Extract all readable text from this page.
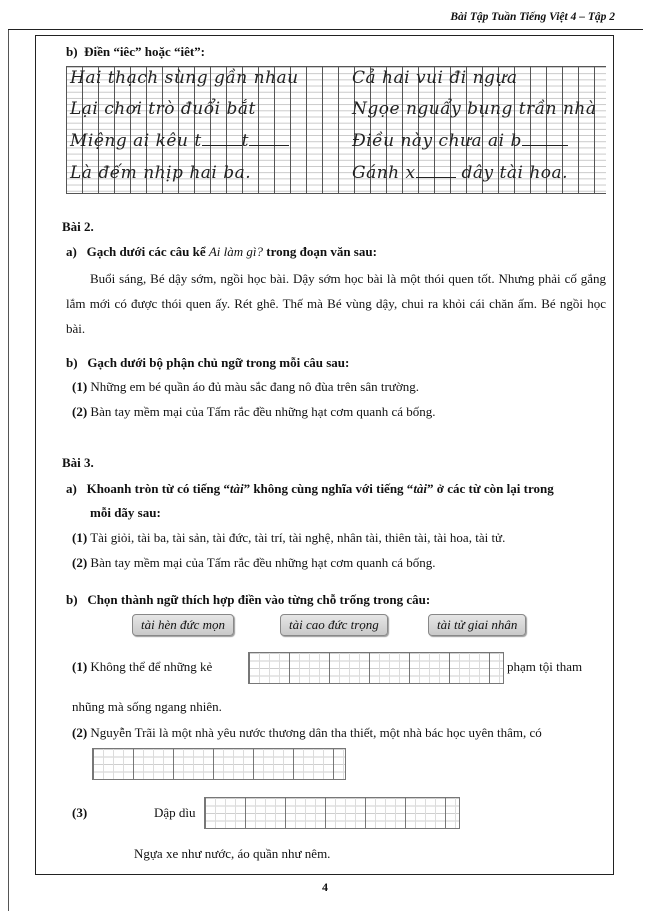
Bài Tập Tuần Tiếng Việt 4 – Tập 2
b) Điền “iêc” hoặc “iêt”:
Hai thạch sùng gần nhau
Lại chơi trò đuổi bắt
Miệng ai kêu t t
Là đếm nhịp hai ba.
Cả hai vui đi ngựa
Ngọe nguẩy bụng trần nhà
Điều này chưa ai b
Gánh x	dây tài hoa.
Bài 2.
a) Gạch dưới các câu kể Ai làm gì? trong đoạn văn sau:

Buổi sáng, Bé dậy sớm, ngồi học bài. Dậy sớm học bài là một thói quen tốt. Nhưng phải cố gắng lắm mới có được thói quen ấy. Rét ghê. Thế mà Bé vùng dậy, chui ra khỏi cái chăn ấm. Bé ngồi học bài.

b) Gạch dưới bộ phận chủ ngữ trong mỗi câu sau:
(1) Những em bé quần áo đủ màu sắc đang nô đùa trên sân trường.
(2) Bàn tay mềm mại của Tấm rắc đều những hạt cơm quanh cá bống.
Bài 3.
a) Khoanh tròn từ có tiếng “tài” không cùng nghĩa với tiếng “tài” ở các từ còn lại trong
mỗi dãy sau:
(1) Tài giỏi, tài ba, tài sản, tài đức, tài trí, tài nghệ, nhân tài, thiên tài, tài hoa, tài tử.
(2) Bàn tay mềm mại của Tấm rắc đều những hạt cơm quanh cá bống.
b) Chọn thành ngữ thích hợp điền vào từng chỗ trống trong câu:
tài hèn đức mọn	tài cao đức trọng	tài tử giai nhân
(1) Không thể để những kẻ	phạm tội tham
nhũng mà sống ngang nhiên.
(2) Nguyễn Trãi là một nhà yêu nước thương dân tha thiết, một nhà bác học uyên thâm, có
(3)	Dập dìu
Ngựa xe như nước, áo quần như nêm.
4
